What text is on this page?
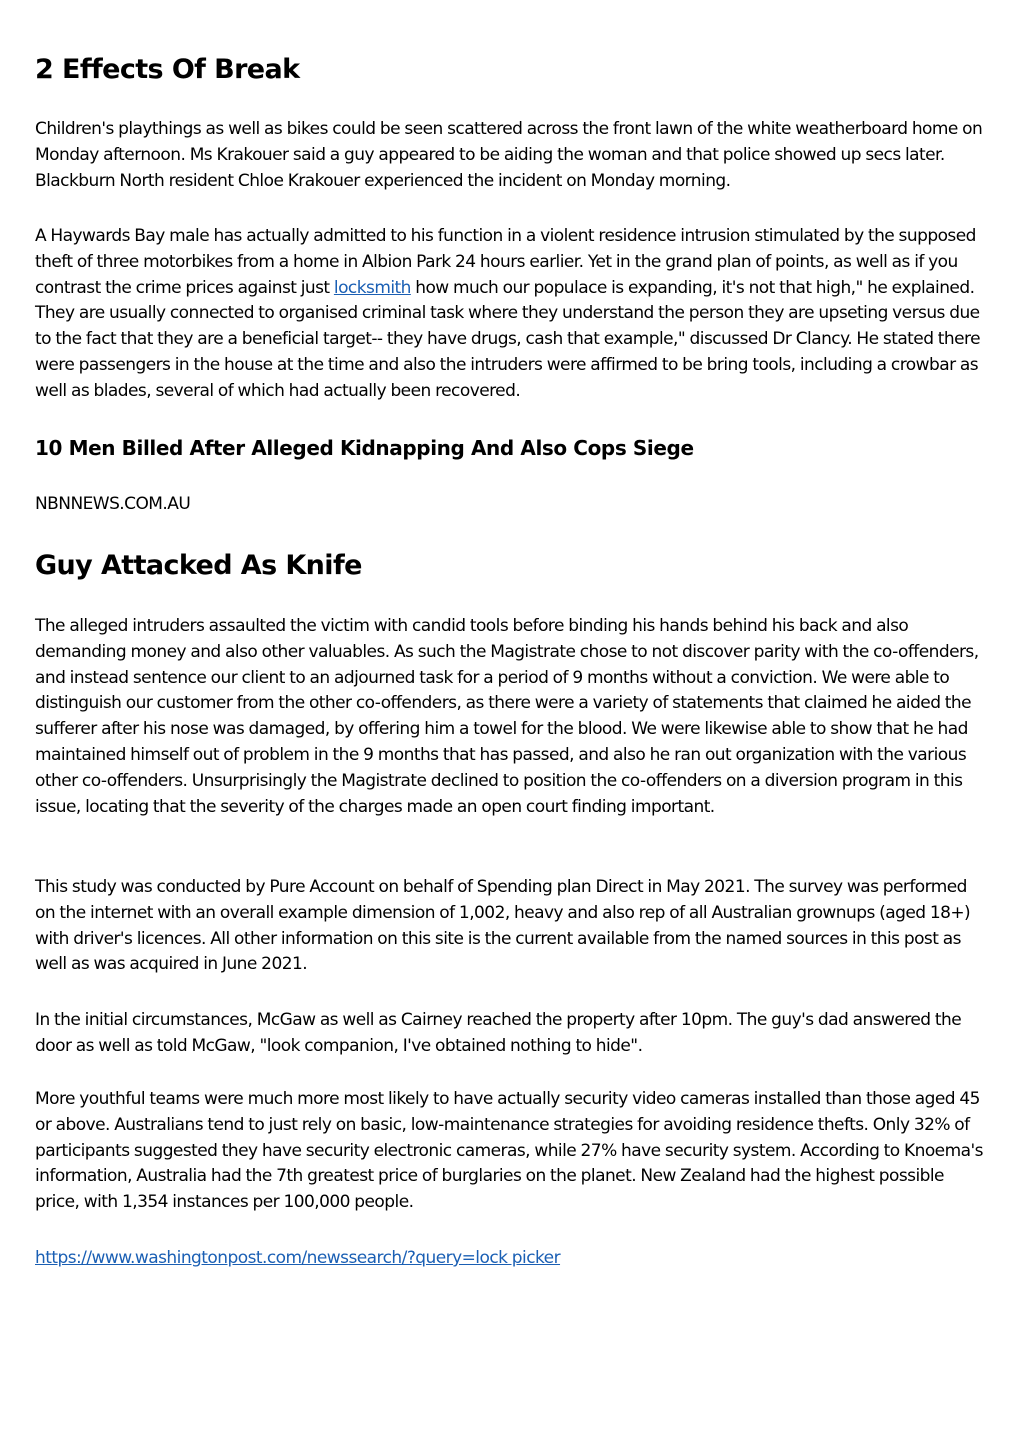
2 Effects Of Break

Children's playthings as well as bikes could be seen scattered across the front lawn of the white weatherboard home on Monday afternoon. Ms Krakouer said a guy appeared to be aiding the woman and that police showed up secs later. Blackburn North resident Chloe Krakouer experienced the incident on Monday morning.

A Haywards Bay male has actually admitted to his function in a violent residence intrusion stimulated by the supposed theft of three motorbikes from a home in Albion Park 24 hours earlier. Yet in the grand plan of points, as well as if you contrast the crime prices against just locksmith how much our populace is expanding, it's not that high," he explained. They are usually connected to organised criminal task where they understand the person they are upseting versus due to the fact that they are a beneficial target-- they have drugs, cash that example," discussed Dr Clancy. He stated there were passengers in the house at the time and also the intruders were affirmed to be bring tools, including a crowbar as well as blades, several of which had actually been recovered.

10 Men Billed After Alleged Kidnapping And Also Cops Siege

NBNNEWS.COM.AU

Guy Attacked As Knife

The alleged intruders assaulted the victim with candid tools before binding his hands behind his back and also demanding money and also other valuables. As such the Magistrate chose to not discover parity with the co-offenders, and instead sentence our client to an adjourned task for a period of 9 months without a conviction. We were able to distinguish our customer from the other co-offenders, as there were a variety of statements that claimed he aided the sufferer after his nose was damaged, by offering him a towel for the blood. We were likewise able to show that he had maintained himself out of problem in the 9 months that has passed, and also he ran out organization with the various other co-offenders. Unsurprisingly the Magistrate declined to position the co-offenders on a diversion program in this issue, locating that the severity of the charges made an open court finding important.

This study was conducted by Pure Account on behalf of Spending plan Direct in May 2021. The survey was performed on the internet with an overall example dimension of 1,002, heavy and also rep of all Australian grownups (aged 18+) with driver's licences. All other information on this site is the current available from the named sources in this post as well as was acquired in June 2021.

In the initial circumstances, McGaw as well as Cairney reached the property after 10pm. The guy's dad answered the door as well as told McGaw, "look companion, I've obtained nothing to hide".

More youthful teams were much more most likely to have actually security video cameras installed than those aged 45 or above. Australians tend to just rely on basic, low-maintenance strategies for avoiding residence thefts. Only 32% of participants suggested they have security electronic cameras, while 27% have security system. According to Knoema's information, Australia had the 7th greatest price of burglaries on the planet. New Zealand had the highest possible price, with 1,354 instances per 100,000 people.

https://www.washingtonpost.com/newssearch/?query=lock picker
